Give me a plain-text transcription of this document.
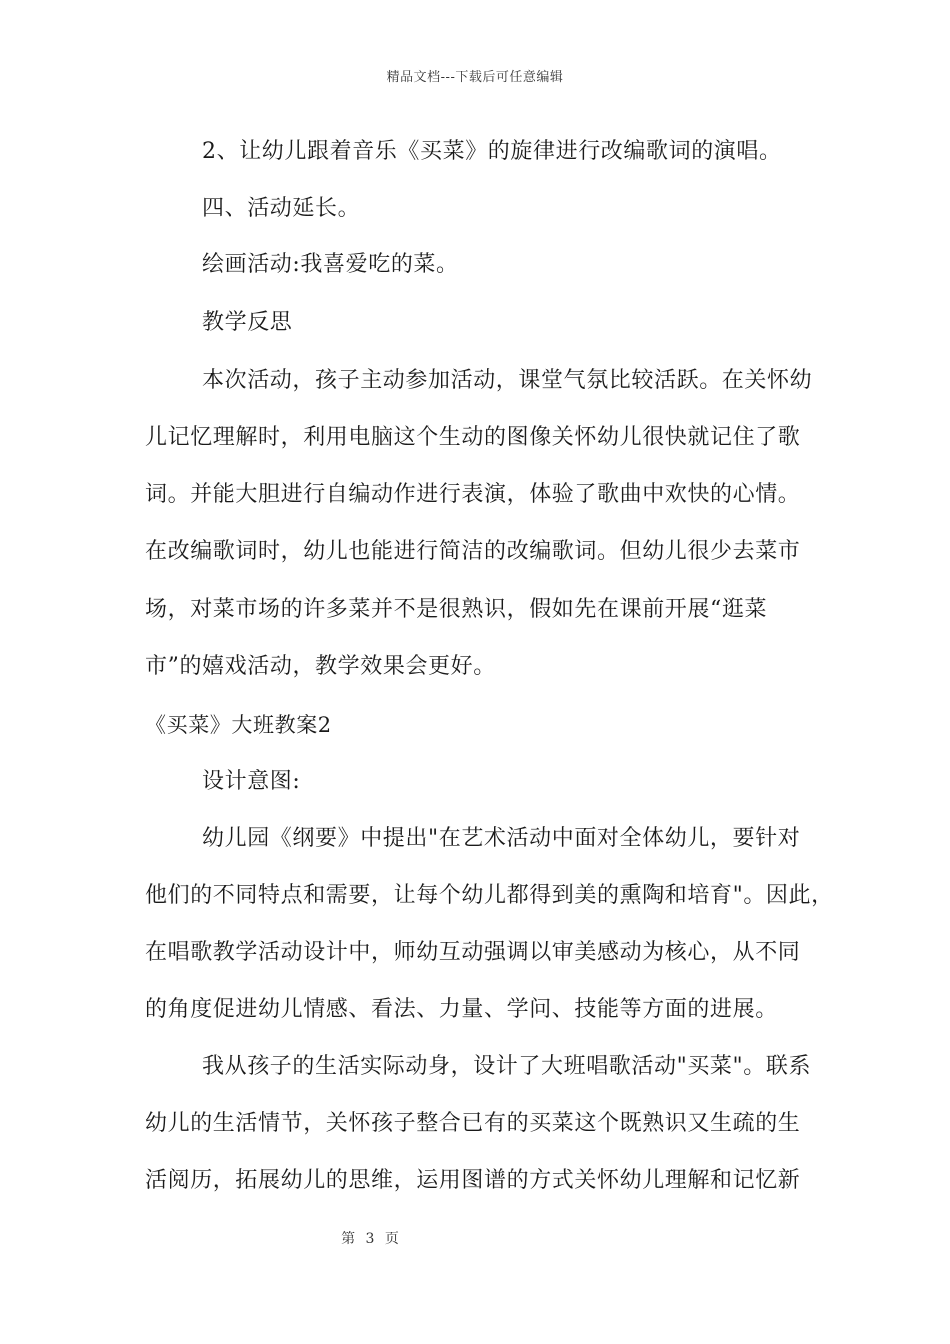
精品文档---下载后可任意编辑
2、让幼儿跟着音乐《买菜》的旋律进行改编歌词的演唱。
四、活动延长。
绘画活动:我喜爱吃的菜。
教学反思
本次活动，孩子主动参加活动，课堂气氛比较活跃。在关怀幼
儿记忆理解时，利用电脑这个生动的图像关怀幼儿很快就记住了歌
词。并能大胆进行自编动作进行表演，体验了歌曲中欢快的心情。
在改编歌词时，幼儿也能进行简洁的改编歌词。但幼儿很少去菜市
场，对菜市场的许多菜并不是很熟识，假如先在课前开展“逛菜
市”的嬉戏活动，教学效果会更好。
《买菜》大班教案2
设计意图:
幼儿园《纲要》中提出"在艺术活动中面对全体幼儿，要针对
他们的不同特点和需要，让每个幼儿都得到美的熏陶和培育"。因此，
在唱歌教学活动设计中，师幼互动强调以审美感动为核心，从不同
的角度促进幼儿情感、看法、力量、学问、技能等方面的进展。
我从孩子的生活实际动身，设计了大班唱歌活动"买菜"。联系
幼儿的生活情节，关怀孩子整合已有的买菜这个既熟识又生疏的生
活阅历，拓展幼儿的思维，运用图谱的方式关怀幼儿理解和记忆新
第 3 页
